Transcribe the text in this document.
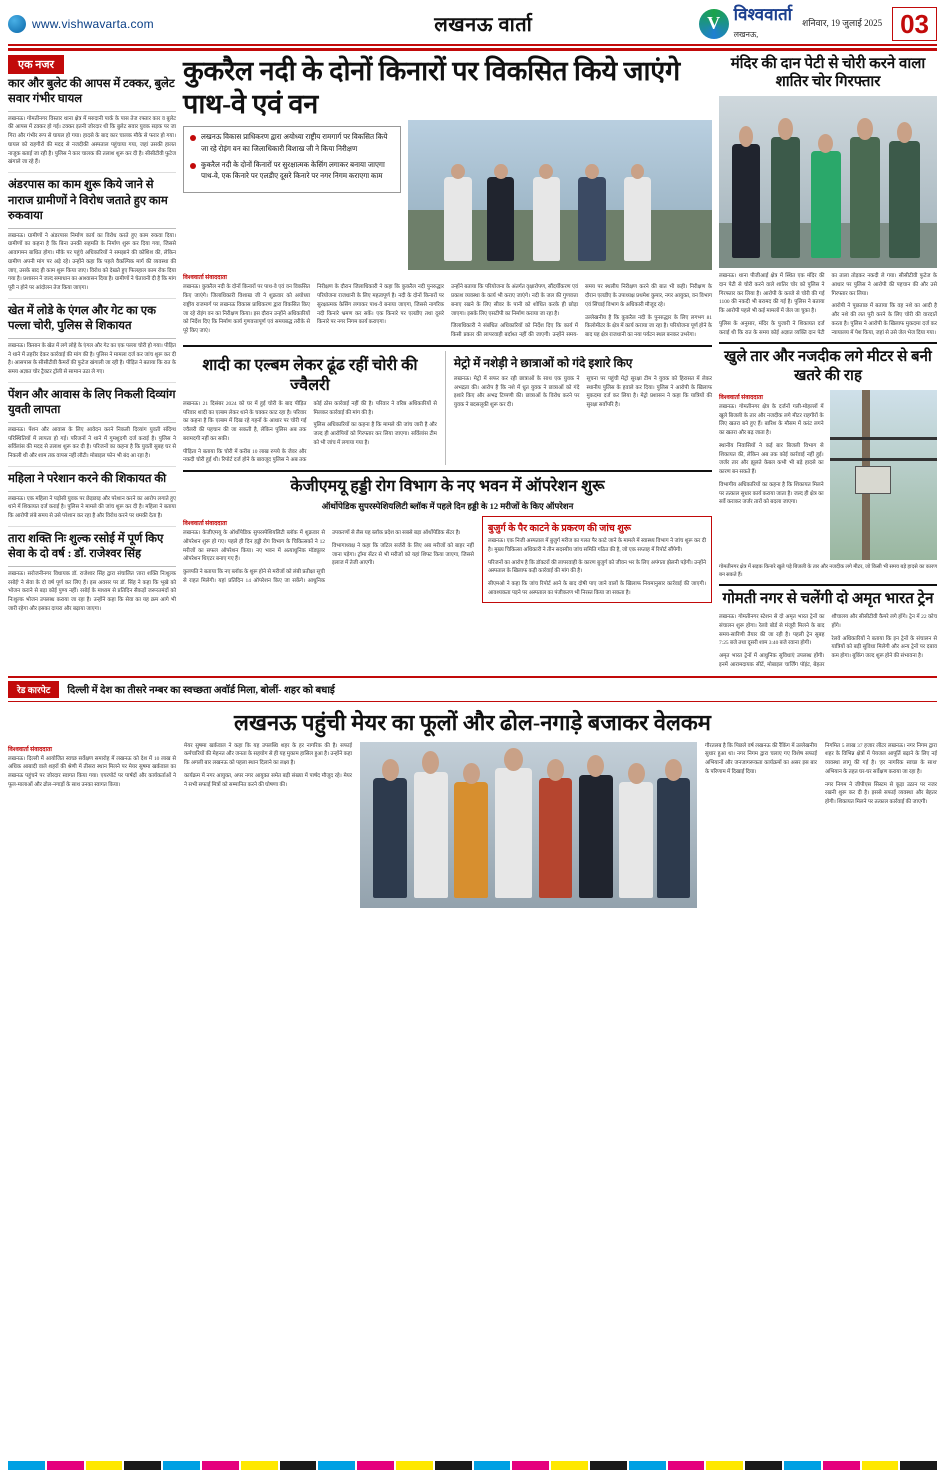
www.vishwavarta.com	लखनऊ वार्ता	V विश्ववार्ता
लखनऊ,
शनिवार, 19 जुलाई 2025 03
एक नजर
कार और बुलेट की आपस में टक्कर, बुलेट सवार गंभीर घायल
लखनऊ। गोमतीनगर विस्तार थाना क्षेत्र में मरुदानी पार्क के पास तेज रफ्तार कार व बुलेट की आपस में टक्कर हो गई। टक्कर इतनी जोरदार थी कि बुलेट सवार युवक सड़क पर जा गिरा और गंभीर रूप से घायल हो गया। हादसे के बाद कार चालक मौके से फरार हो गया। घायल को राहगीरों की मदद से नजदीकी अस्पताल पहुंचाया गया, जहां उसकी हालत नाजुक बताई जा रही है। पुलिस ने कार चालक की तलाश शुरू कर दी है। सीसीटीवी फुटेज खंगाले जा रहे हैं।
अंडरपास का काम शुरू किये जाने से नाराज ग्रामीणों ने विरोध जताते हुए काम रुकवाया
लखनऊ। ग्रामीणों ने अंडरपास निर्माण कार्य का विरोध करते हुए काम रुकवा दिया। ग्रामीणों का कहना है कि बिना उनकी सहमति के निर्माण शुरू कर दिया गया, जिससे आवागमन बाधित होगा। मौके पर पहुंचे अधिकारियों ने समझाने की कोशिश की, लेकिन ग्रामीण अपनी मांग पर अड़े रहे। उन्होंने कहा कि पहले वैकल्पिक मार्ग की व्यवस्था की जाए, उसके बाद ही काम शुरू किया जाए। विरोध को देखते हुए फिलहाल काम रोक दिया गया है। प्रशासन ने जल्द समाधान का आश्वासन दिया है। ग्रामीणों ने चेतावनी दी है कि मांग पूरी न होने पर आंदोलन तेज किया जाएगा।
खेत में लोडे के एंगल और गेट का एक पल्ला चोरी, पुलिस से शिकायत
लखनऊ। किसान के खेत में लगे लोहे के एंगल और गेट का एक पल्ला चोरी हो गया। पीड़ित ने थाने में तहरीर देकर कार्रवाई की मांग की है। पुलिस ने मामला दर्ज कर जांच शुरू कर दी है। आसपास के सीसीटीवी कैमरों की फुटेज खंगाली जा रही है। पीड़ित ने बताया कि रात के समय अज्ञात चोर ट्रैक्टर ट्रॉली से सामान उठा ले गए।
पेंशन और आवास के लिए निकली दिव्यांग युवती लापता
लखनऊ। पेंशन और आवास के लिए आवेदन करने निकली दिव्यांग युवती संदिग्ध परिस्थितियों में लापता हो गई। परिजनों ने थाने में गुमशुदगी दर्ज कराई है। पुलिस ने सर्विलांस की मदद से तलाश शुरू कर दी है। परिजनों का कहना है कि युवती सुबह घर से निकली थी और शाम तक वापस नहीं लौटी। मोबाइल फोन भी बंद आ रहा है।
महिला ने परेशान करने की शिकायत की
लखनऊ। एक महिला ने पड़ोसी युवक पर छेड़छाड़ और परेशान करने का आरोप लगाते हुए थाने में शिकायत दर्ज कराई है। पुलिस ने मामले की जांच शुरू कर दी है। महिला ने बताया कि आरोपी लंबे समय से उसे परेशान कर रहा है और विरोध करने पर धमकी देता है।
तारा शक्ति निः शुल्क रसोई में पूर्ण किए सेवा के दो वर्ष : डॉ. राजेश्वर सिंह
लखनऊ। सरोजनीनगर विधायक डॉ. राजेश्वर सिंह द्वारा संचालित 'तारा शक्ति निःशुल्क रसोई' ने सेवा के दो वर्ष पूर्ण कर लिए हैं। इस अवसर पर डॉ. सिंह ने कहा कि भूखे को भोजन कराने से बड़ा कोई पुण्य नहीं। रसोई के माध्यम से प्रतिदिन सैकड़ों जरूरतमंदों को निःशुल्क भोजन उपलब्ध कराया जा रहा है। उन्होंने कहा कि सेवा का यह क्रम आगे भी जारी रहेगा और इसका दायरा और बढ़ाया जाएगा।
कुकरैल नदी के दोनों किनारों पर विकसित किये जाएंगे पाथ-वे एवं वन
लखनऊ विकास प्राधिकरण द्वारा अयोध्या राष्ट्रीय रामगार्ग पर विकसित किये जा रहे रोइंग वन का जिलाधिकारी विशाख जी ने किया निरीक्षण
कुकरैल नदी के दोनों किनारों पर सुरक्षात्मक केसिंग लगाकर बनाया जाएगा पाथ-वे, एक किनारे पर एलडीए दूसरे किनारे पर नगर निगम कराएगा काम
विश्ववार्ता संवाददाता

लखनऊ। कुकरैल नदी के दोनों किनारों पर पाथ-वे एवं वन विकसित किए जाएंगे। जिलाधिकारी विशाख जी ने शुक्रवार को अयोध्या राष्ट्रीय राजमार्ग पर लखनऊ विकास प्राधिकरण द्वारा विकसित किए जा रहे रोइंग वन का निरीक्षण किया। इस दौरान उन्होंने अधिकारियों को निर्देश दिए कि निर्माण कार्य गुणवत्तापूर्ण एवं समयबद्ध तरीके से पूरे किए जाएं।

निरीक्षण के दौरान जिलाधिकारी ने कहा कि कुकरैल नदी पुनरुद्धार परियोजना राजधानी के लिए महत्वपूर्ण है। नदी के दोनों किनारों पर सुरक्षात्मक केसिंग लगाकर पाथ-वे बनाया जाएगा, जिससे नागरिक नदी किनारे भ्रमण कर सकें। एक किनारे पर एलडीए तथा दूसरे किनारे पर नगर निगम कार्य कराएगा।

उन्होंने बताया कि परियोजना के अंतर्गत वृक्षारोपण, सौंदर्यीकरण एवं प्रकाश व्यवस्था के कार्य भी कराए जाएंगे। नदी के जल की गुणवत्ता बनाए रखने के लिए सीवर के पानी को शोधित करके ही छोड़ा जाएगा। इसके लिए एसटीपी का निर्माण कराया जा रहा है।

जिलाधिकारी ने संबंधित अधिकारियों को निर्देश दिए कि कार्य में किसी प्रकार की लापरवाही बर्दाश्त नहीं की जाएगी। उन्होंने समय-समय पर स्थलीय निरीक्षण करने की बात भी कही। निरीक्षण के दौरान एलडीए के उपाध्यक्ष प्रथमेश कुमार, नगर आयुक्त, वन विभाग एवं सिंचाई विभाग के अधिकारी मौजूद रहे।

उल्लेखनीय है कि कुकरैल नदी के पुनरुद्धार के लिए लगभग 81 किलोमीटर के क्षेत्र में कार्य कराया जा रहा है। परियोजना पूर्ण होने के बाद यह क्षेत्र राजधानी का नया पर्यटन स्थल बनकर उभरेगा।

शादी का एल्बम लेकर ढूंढ रहीं चोरी की ज्वैलरी

लखनऊ। 21 दिसंबर 2024 को घर में हुई चोरी के बाद पीड़ित परिवार शादी का एल्बम लेकर थाने के चक्कर काट रहा है। परिवार का कहना है कि एल्बम में दिख रहे गहनों के आधार पर चोरी गई ज्वैलरी की पहचान की जा सकती है, लेकिन पुलिस अब तक बरामदगी नहीं कर सकी।

पीड़िता ने बताया कि चोरी में करीब 10 लाख रुपये के जेवर और नकदी चोरी हुई थी। रिपोर्ट दर्ज होने के बावजूद पुलिस ने अब तक कोई ठोस कार्रवाई नहीं की है। परिवार ने वरिष्ठ अधिकारियों से मिलकर कार्रवाई की मांग की है।

पुलिस अधिकारियों का कहना है कि मामले की जांच जारी है और जल्द ही आरोपियों को गिरफ्तार कर लिया जाएगा। सर्विलांस टीम को भी जांच में लगाया गया है।

मेट्रो में नशेड़ी ने छात्राओं को गंदे इशारे किए

लखनऊ। मेट्रो में सफर कर रही छात्राओं के साथ एक युवक ने अभद्रता की। आरोप है कि नशे में धुत युवक ने छात्राओं को गंदे इशारे किए और अभद्र टिप्पणी की। छात्राओं के विरोध करने पर युवक ने बदसलूकी शुरू कर दी।

सूचना पर पहुंची मेट्रो सुरक्षा टीम ने युवक को हिरासत में लेकर स्थानीय पुलिस के हवाले कर दिया। पुलिस ने आरोपी के खिलाफ मुकदमा दर्ज कर लिया है। मेट्रो प्रशासन ने कहा कि यात्रियों की सुरक्षा सर्वोपरि है।

केजीएमयू हड्डी रोग विभाग के नए भवन में ऑपरेशन शुरू
ऑर्थोपेडिक सुपरस्पेशियलिटी ब्लॉक में पहले दिन हड्डी के 12 मरीजों के किए ऑपरेशन
विश्ववार्ता संवाददाता

लखनऊ। केजीएमयू के ऑर्थोपेडिक सुपरस्पेशियलिटी ब्लॉक में शुक्रवार से ऑपरेशन शुरू हो गए। पहले ही दिन हड्डी रोग विभाग के चिकित्सकों ने 12 मरीजों का सफल ऑपरेशन किया। नए भवन में अत्याधुनिक मॉड्यूलर ऑपरेशन थिएटर बनाए गए हैं।

कुलपति ने बताया कि नए ब्लॉक के शुरू होने से मरीजों को लंबी प्रतीक्षा सूची से राहत मिलेगी। यहां प्रतिदिन 14 ऑपरेशन किए जा सकेंगे। आधुनिक उपकरणों से लैस यह ब्लॉक प्रदेश का सबसे बड़ा ऑर्थोपेडिक सेंटर है।

विभागाध्यक्ष ने कहा कि जटिल सर्जरी के लिए अब मरीजों को बाहर नहीं जाना पड़ेगा। ट्रॉमा सेंटर से भी मरीजों को यहां शिफ्ट किया जाएगा, जिससे इलाज में तेजी आएगी।

बुजुर्ग के पैर काटने के प्रकरण की जांच शुरू

लखनऊ। एक निजी अस्पताल में बुजुर्ग मरीज का गलत पैर काटे जाने के मामले में स्वास्थ्य विभाग ने जांच शुरू कर दी है। मुख्य चिकित्सा अधिकारी ने तीन सदस्यीय जांच समिति गठित की है, जो एक सप्ताह में रिपोर्ट सौंपेगी।

परिजनों का आरोप है कि डॉक्टरों की लापरवाही के कारण बुजुर्ग को जीवन भर के लिए अपंगता झेलनी पड़ेगी। उन्होंने अस्पताल के खिलाफ कड़ी कार्रवाई की मांग की है।

सीएमओ ने कहा कि जांच रिपोर्ट आने के बाद दोषी पाए जाने वालों के खिलाफ नियमानुसार कार्रवाई की जाएगी। आवश्यकता पड़ने पर अस्पताल का पंजीकरण भी निरस्त किया जा सकता है।

मंदिर की दान पेटी से चोरी करने वाला शातिर चोर गिरफ्तार

लखनऊ। थाना पीजीआई क्षेत्र में स्थित एक मंदिर की दान पेटी से चोरी करने वाले शातिर चोर को पुलिस ने गिरफ्तार कर लिया है। आरोपी के कब्जे से चोरी की गई 1100 की नकदी भी बरामद की गई है। पुलिस ने बताया कि आरोपी पहले भी कई मामलों में जेल जा चुका है।

पुलिस के अनुसार, मंदिर के पुजारी ने शिकायत दर्ज कराई थी कि रात के समय कोई अज्ञात व्यक्ति दान पेटी का ताला तोड़कर नकदी ले गया। सीसीटीवी फुटेज के आधार पर पुलिस ने आरोपी की पहचान की और उसे गिरफ्तार कर लिया।

आरोपी ने पूछताछ में बताया कि वह नशे का आदी है और नशे की लत पूरी करने के लिए चोरी की वारदातें करता है। पुलिस ने आरोपी के खिलाफ मुकदमा दर्ज कर न्यायालय में पेश किया, जहां से उसे जेल भेज दिया गया।

खुले तार और नजदीक लगे मीटर से बनी खतरे की राह
विश्ववार्ता संवाददाता

लखनऊ। गोमतीनगर क्षेत्र के दर्जनों गली-मोहल्लों में खुले बिजली के तार और नजदीक लगे मीटर राहगीरों के लिए खतरा बने हुए हैं। बारिश के मौसम में करंट लगने का खतरा और बढ़ जाता है।

स्थानीय निवासियों ने कई बार बिजली विभाग से शिकायत की, लेकिन अब तक कोई कार्रवाई नहीं हुई। जर्जर तार और झूलते केबल कभी भी बड़े हादसे का कारण बन सकते हैं।

विभागीय अधिकारियों का कहना है कि शिकायत मिलने पर तत्काल सुधार कार्य कराया जाता है। जल्द ही क्षेत्र का सर्वे कराकर जर्जर तारों को बदला जाएगा।

गोमतीनगर क्षेत्र में सड़क किनारे खुले पड़े बिजली के तार और नजदीक लगे मीटर, जो किसी भी समय बड़े हादसे का कारण बन सकते हैं।
गोमती नगर से चलेंगी दो अमृत भारत ट्रेन

लखनऊ। गोमतीनगर स्टेशन से दो अमृत भारत ट्रेनों का संचालन शुरू होगा। रेलवे बोर्ड से मंजूरी मिलने के बाद समय-सारिणी तैयार की जा रही है। पहली ट्रेन सुबह 7:25 बजे तथा दूसरी शाम 3:40 बजे रवाना होगी।

अमृत भारत ट्रेनों में आधुनिक सुविधाएं उपलब्ध होंगी। इनमें आरामदायक सीटें, मोबाइल चार्जिंग पॉइंट, बेहतर शौचालय और सीसीटीवी कैमरे लगे होंगे। ट्रेन में 22 कोच होंगे।

रेलवे अधिकारियों ने बताया कि इन ट्रेनों के संचालन से यात्रियों को बड़ी सुविधा मिलेगी और अन्य ट्रेनों पर दबाव कम होगा। बुकिंग जल्द शुरू होने की संभावना है।

रेड कारपेट	दिल्ली में देश का तीसरे नम्बर का स्वच्छता अवॉर्ड मिला, बोलीं- शहर को बधाई
लखनऊ पहुंची मेयर का फूलों और ढोल-नगाड़े बजाकर वेलकम
विश्ववार्ता संवाददाता

लखनऊ। दिल्ली में आयोजित स्वच्छ सर्वेक्षण समारोह में लखनऊ को देश में 10 लाख से अधिक आबादी वाले शहरों की श्रेणी में तीसरा स्थान मिलने पर मेयर सुषमा खर्कवाल का लखनऊ पहुंचने पर जोरदार स्वागत किया गया। एयरपोर्ट पर पार्षदों और कार्यकर्ताओं ने फूल-मालाओं और ढोल-नगाड़ों के साथ उनका स्वागत किया।

मेयर सुषमा खर्कवाल ने कहा कि यह उपलब्धि शहर के हर नागरिक की है। सफाई कर्मचारियों की मेहनत और जनता के सहयोग से ही यह मुकाम हासिल हुआ है। उन्होंने कहा कि अगली बार लखनऊ को पहला स्थान दिलाने का लक्ष्य है।

कार्यक्रम में नगर आयुक्त, अपर नगर आयुक्त समेत बड़ी संख्या में पार्षद मौजूद रहे। मेयर ने सभी सफाई मित्रों को सम्मानित करने की घोषणा की।

गौरतलब है कि पिछले वर्ष लखनऊ की रैंकिंग में उल्लेखनीय सुधार हुआ था। नगर निगम द्वारा चलाए गए विशेष सफाई अभियानों और जनजागरूकता कार्यक्रमों का असर इस बार के परिणाम में दिखाई दिया।

निगमित 5 लाख 37 हजार लीटर लखनऊ। नगर निगम द्वारा शहर के विभिन्न क्षेत्रों में पेयजल आपूर्ति बढ़ाने के लिए नई व्यवस्था लागू की गई है। 'हर नागरिक स्वच्छ के साथ' अभियान के तहत घर-घर सर्वेक्षण कराया जा रहा है।

नगर निगम ने जीपीएस सिस्टम से कूड़ा उठान पर नजर रखनी शुरू कर दी है। इससे सफाई व्यवस्था और बेहतर होगी। शिकायत मिलने पर तत्काल कार्रवाई की जाएगी।
